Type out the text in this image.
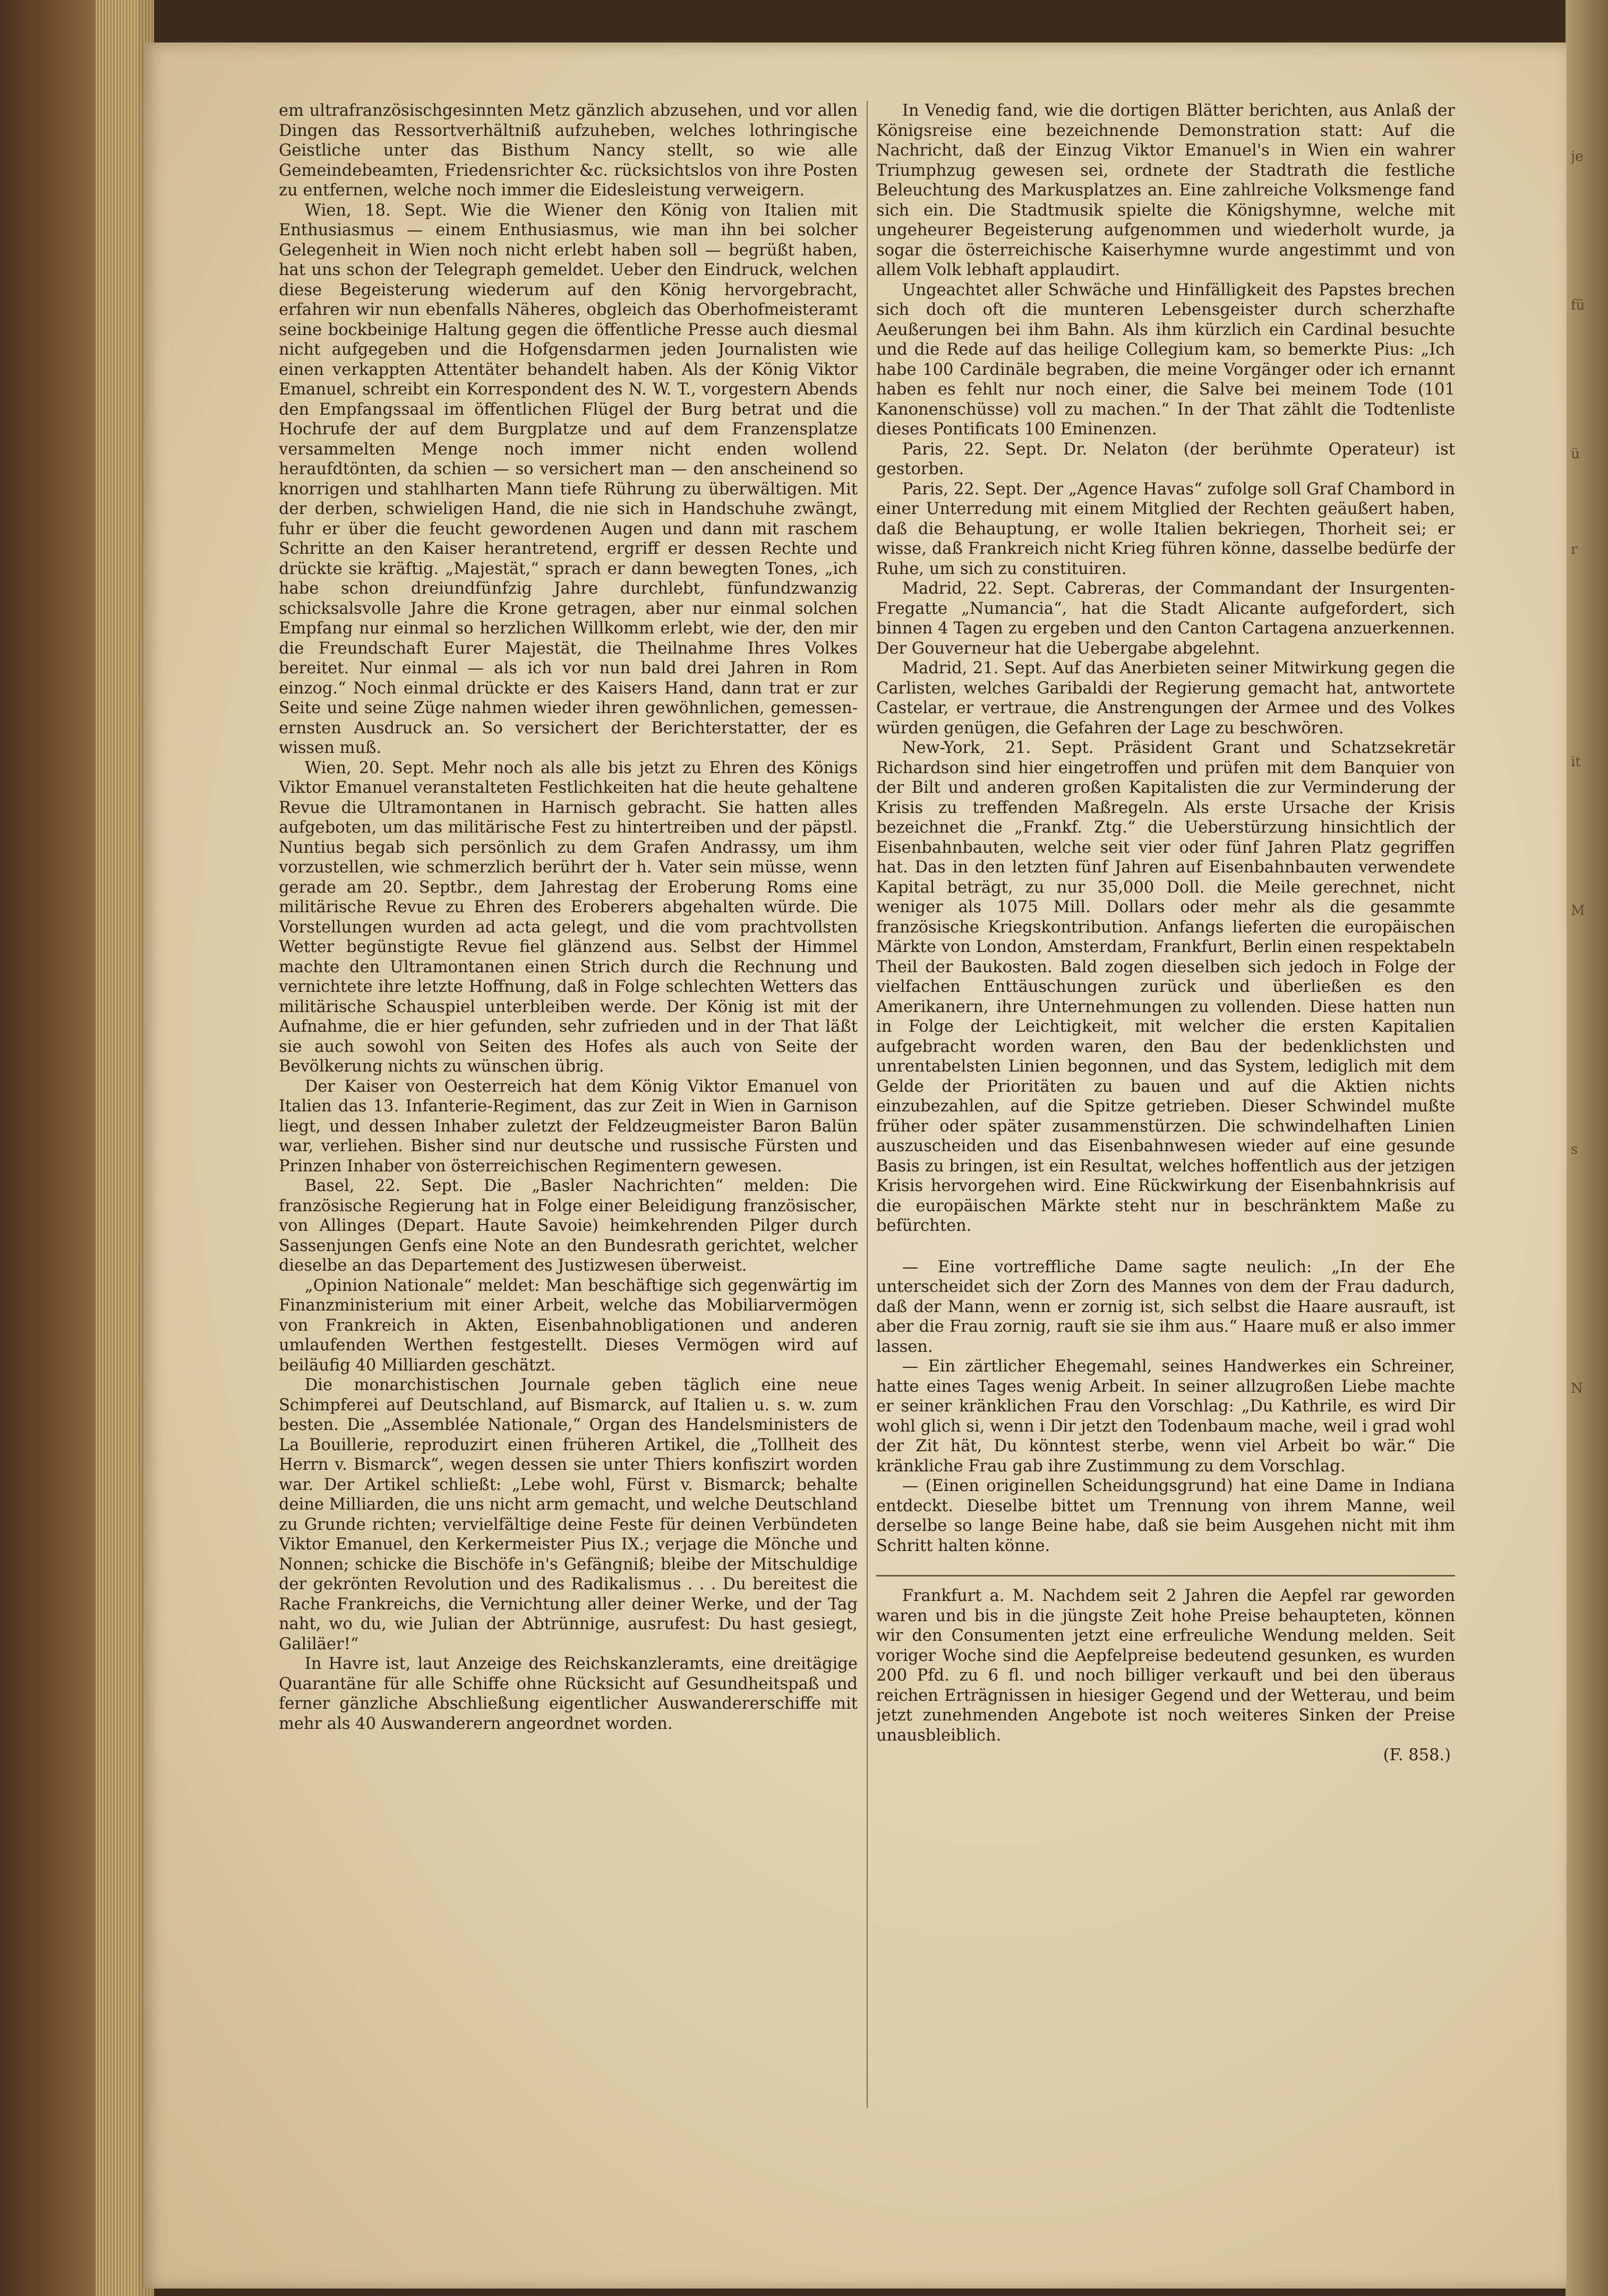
em ultrafranzösischgesinnten Metz gänzlich abzusehen, und vor allen Dingen das Ressortverhältniß aufzuheben, welches lothringische Geistliche unter das Bisthum Nancy stellt, so wie alle Gemeindebeamten, Friedensrichter &c. rücksichtslos von ihre Posten zu entfernen, welche noch immer die Eidesleistung verweigern.

Wien, 18. Sept. Wie die Wiener den König von Italien mit Enthusiasmus — einem Enthusiasmus, wie man ihn bei solcher Gelegenheit in Wien noch nicht erlebt haben soll — begrüßt haben, hat uns schon der Telegraph gemeldet. Ueber den Eindruck, welchen diese Begeisterung wiederum auf den König hervorgebracht, erfahren wir nun ebenfalls Näheres, obgleich das Oberhofmeisteramt seine bockbeinige Haltung gegen die öffentliche Presse auch diesmal nicht aufgegeben und die Hofgensdarmen jeden Journalisten wie einen verkappten Attentäter behandelt haben. Als der König Viktor Emanuel, schreibt ein Korrespondent des N. W. T., vorgestern Abends den Empfangssaal im öffentlichen Flügel der Burg betrat und die Hochrufe der auf dem Burgplatze und auf dem Franzensplatze versammelten Menge noch immer nicht enden wollend heraufdtönten, da schien — so versichert man — den anscheinend so knorrigen und stahlharten Mann tiefe Rührung zu überwältigen. Mit der derben, schwieligen Hand, die nie sich in Handschuhe zwängt, fuhr er über die feucht gewordenen Augen und dann mit raschem Schritte an den Kaiser herantretend, ergriff er dessen Rechte und drückte sie kräftig. „Majestät,“ sprach er dann bewegten Tones, „ich habe schon dreiundfünfzig Jahre durchlebt, fünfundzwanzig schicksalsvolle Jahre die Krone getragen, aber nur einmal solchen Empfang nur einmal so herzlichen Willkomm erlebt, wie der, den mir die Freundschaft Eurer Majestät, die Theilnahme Ihres Volkes bereitet. Nur einmal — als ich vor nun bald drei Jahren in Rom einzog.“ Noch einmal drückte er des Kaisers Hand, dann trat er zur Seite und seine Züge nahmen wieder ihren gewöhnlichen, gemessen-ernsten Ausdruck an. So versichert der Berichterstatter, der es wissen muß.

Wien, 20. Sept. Mehr noch als alle bis jetzt zu Ehren des Königs Viktor Emanuel veranstalteten Festlichkeiten hat die heute gehaltene Revue die Ultramontanen in Harnisch gebracht. Sie hatten alles aufgeboten, um das militärische Fest zu hintertreiben und der päpstl. Nuntius begab sich persönlich zu dem Grafen Andrassy, um ihm vorzustellen, wie schmerzlich berührt der h. Vater sein müsse, wenn gerade am 20. Septbr., dem Jahrestag der Eroberung Roms eine militärische Revue zu Ehren des Eroberers abgehalten würde. Die Vorstellungen wurden ad acta gelegt, und die vom prachtvollsten Wetter begünstigte Revue fiel glänzend aus. Selbst der Himmel machte den Ultramontanen einen Strich durch die Rechnung und vernichtete ihre letzte Hoffnung, daß in Folge schlechten Wetters das militärische Schauspiel unterbleiben werde. Der König ist mit der Aufnahme, die er hier gefunden, sehr zufrieden und in der That läßt sie auch sowohl von Seiten des Hofes als auch von Seite der Bevölkerung nichts zu wünschen übrig.

Der Kaiser von Oesterreich hat dem König Viktor Emanuel von Italien das 13. Infanterie-Regiment, das zur Zeit in Wien in Garnison liegt, und dessen Inhaber zuletzt der Feldzeugmeister Baron Balün war, verliehen. Bisher sind nur deutsche und russische Fürsten und Prinzen Inhaber von österreichischen Regimentern gewesen.

Basel, 22. Sept. Die „Basler Nachrichten“ melden: Die französische Regierung hat in Folge einer Beleidigung französischer, von Allinges (Depart. Haute Savoie) heimkehrenden Pilger durch Sassenjungen Genfs eine Note an den Bundesrath gerichtet, welcher dieselbe an das Departement des Justizwesen überweist.

„Opinion Nationale“ meldet: Man beschäftige sich gegenwärtig im Finanzministerium mit einer Arbeit, welche das Mobiliarvermögen von Frankreich in Akten, Eisenbahnobligationen und anderen umlaufenden Werthen festgestellt. Dieses Vermögen wird auf beiläufig 40 Milliarden geschätzt.

Die monarchistischen Journale geben täglich eine neue Schimpferei auf Deutschland, auf Bismarck, auf Italien u. s. w. zum besten. Die „Assemblée Nationale,“ Organ des Handelsministers de La Bouillerie, reproduzirt einen früheren Artikel, die „Tollheit des Herrn v. Bismarck“, wegen dessen sie unter Thiers konfiszirt worden war. Der Artikel schließt: „Lebe wohl, Fürst v. Bismarck; behalte deine Milliarden, die uns nicht arm gemacht, und welche Deutschland zu Grunde richten; vervielfältige deine Feste für deinen Verbündeten Viktor Emanuel, den Kerkermeister Pius IX.; verjage die Mönche und Nonnen; schicke die Bischöfe in's Gefängniß; bleibe der Mitschuldige der gekrönten Revolution und des Radikalismus . . . Du bereitest die Rache Frankreichs, die Vernichtung aller deiner Werke, und der Tag naht, wo du, wie Julian der Abtrünnige, ausrufest: Du hast gesiegt, Galiläer!“

In Havre ist, laut Anzeige des Reichskanzleramts, eine dreitägige Quarantäne für alle Schiffe ohne Rücksicht auf Gesundheitspaß und ferner gänzliche Abschließung eigentlicher Auswandererschiffe mit mehr als 40 Auswanderern angeordnet worden.

In Venedig fand, wie die dortigen Blätter berichten, aus Anlaß der Königsreise eine bezeichnende Demonstration statt: Auf die Nachricht, daß der Einzug Viktor Emanuel's in Wien ein wahrer Triumphzug gewesen sei, ordnete der Stadtrath die festliche Beleuchtung des Markusplatzes an. Eine zahlreiche Volksmenge fand sich ein. Die Stadtmusik spielte die Königshymne, welche mit ungeheurer Begeisterung aufgenommen und wiederholt wurde, ja sogar die österreichische Kaiserhymne wurde angestimmt und von allem Volk lebhaft applaudirt.

Ungeachtet aller Schwäche und Hinfälligkeit des Papstes brechen sich doch oft die munteren Lebensgeister durch scherzhafte Aeußerungen bei ihm Bahn. Als ihm kürzlich ein Cardinal besuchte und die Rede auf das heilige Collegium kam, so bemerkte Pius: „Ich habe 100 Cardinäle begraben, die meine Vorgänger oder ich ernannt haben es fehlt nur noch einer, die Salve bei meinem Tode (101 Kanonenschüsse) voll zu machen.“ In der That zählt die Todtenliste dieses Pontificats 100 Eminenzen.

Paris, 22. Sept. Dr. Nelaton (der berühmte Operateur) ist gestorben.

Paris, 22. Sept. Der „Agence Havas“ zufolge soll Graf Chambord in einer Unterredung mit einem Mitglied der Rechten geäußert haben, daß die Behauptung, er wolle Italien bekriegen, Thorheit sei; er wisse, daß Frankreich nicht Krieg führen könne, dasselbe bedürfe der Ruhe, um sich zu constituiren.

Madrid, 22. Sept. Cabreras, der Commandant der Insurgenten-Fregatte „Numancia“, hat die Stadt Alicante aufgefordert, sich binnen 4 Tagen zu ergeben und den Canton Cartagena anzuerkennen. Der Gouverneur hat die Uebergabe abgelehnt.

Madrid, 21. Sept. Auf das Anerbieten seiner Mitwirkung gegen die Carlisten, welches Garibaldi der Regierung gemacht hat, antwortete Castelar, er vertraue, die Anstrengungen der Armee und des Volkes würden genügen, die Gefahren der Lage zu beschwören.

New-York, 21. Sept. Präsident Grant und Schatzsekretär Richardson sind hier eingetroffen und prüfen mit dem Banquier von der Bilt und anderen großen Kapitalisten die zur Verminderung der Krisis zu treffenden Maßregeln. Als erste Ursache der Krisis bezeichnet die „Frankf. Ztg.“ die Ueberstürzung hinsichtlich der Eisenbahnbauten, welche seit vier oder fünf Jahren Platz gegriffen hat. Das in den letzten fünf Jahren auf Eisenbahnbauten verwendete Kapital beträgt, zu nur 35,000 Doll. die Meile gerechnet, nicht weniger als 1075 Mill. Dollars oder mehr als die gesammte französische Kriegskontribution. Anfangs lieferten die europäischen Märkte von London, Amsterdam, Frankfurt, Berlin einen respektabeln Theil der Baukosten. Bald zogen dieselben sich jedoch in Folge der vielfachen Enttäuschungen zurück und überließen es den Amerikanern, ihre Unternehmungen zu vollenden. Diese hatten nun in Folge der Leichtigkeit, mit welcher die ersten Kapitalien aufgebracht worden waren, den Bau der bedenklichsten und unrentabelsten Linien begonnen, und das System, lediglich mit dem Gelde der Prioritäten zu bauen und auf die Aktien nichts einzubezahlen, auf die Spitze getrieben. Dieser Schwindel mußte früher oder später zusammenstürzen. Die schwindelhaften Linien auszuscheiden und das Eisenbahnwesen wieder auf eine gesunde Basis zu bringen, ist ein Resultat, welches hoffentlich aus der jetzigen Krisis hervorgehen wird. Eine Rückwirkung der Eisenbahnkrisis auf die europäischen Märkte steht nur in beschränktem Maße zu befürchten.

— Eine vortreffliche Dame sagte neulich: „In der Ehe unterscheidet sich der Zorn des Mannes von dem der Frau dadurch, daß der Mann, wenn er zornig ist, sich selbst die Haare ausrauft, ist aber die Frau zornig, rauft sie sie ihm aus.“ Haare muß er also immer lassen.

— Ein zärtlicher Ehegemahl, seines Handwerkes ein Schreiner, hatte eines Tages wenig Arbeit. In seiner allzugroßen Liebe machte er seiner kränklichen Frau den Vorschlag: „Du Kathrile, es wird Dir wohl glich si, wenn i Dir jetzt den Todenbaum mache, weil i grad wohl der Zit hät, Du könntest sterbe, wenn viel Arbeit bo wär.“ Die kränkliche Frau gab ihre Zustimmung zu dem Vorschlag.

— (Einen originellen Scheidungsgrund) hat eine Dame in Indiana entdeckt. Dieselbe bittet um Trennung von ihrem Manne, weil derselbe so lange Beine habe, daß sie beim Ausgehen nicht mit ihm Schritt halten könne.

Frankfurt a. M. Nachdem seit 2 Jahren die Aepfel rar geworden waren und bis in die jüngste Zeit hohe Preise behaupteten, können wir den Consumenten jetzt eine erfreuliche Wendung melden. Seit voriger Woche sind die Aepfelpreise bedeutend gesunken, es wurden 200 Pfd. zu 6 fl. und noch billiger verkauft und bei den überaus reichen Erträgnissen in hiesiger Gegend und der Wetterau, und beim jetzt zunehmenden Angebote ist noch weiteres Sinken der Preise unausbleiblich.

(F. 858.)
je
fü
ü
r
it
M
s
N
